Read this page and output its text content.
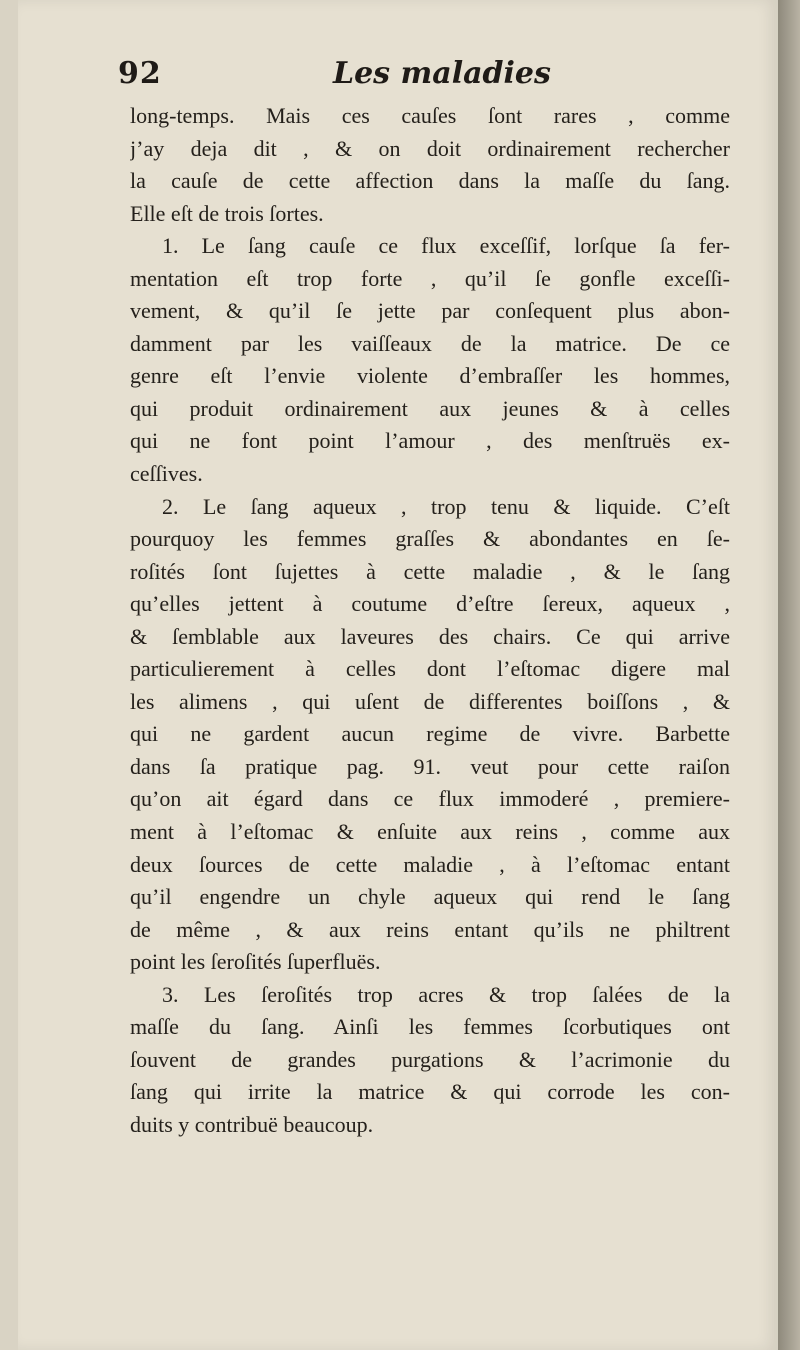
92	Les maladies
long-temps. Mais ces cauſes ſont rares , comme
j’ay deja dit , & on doit ordinairement rechercher
la cauſe de cette affection dans la maſſe du ſang.
Elle eſt de trois ſortes.
1. Le ſang cauſe ce flux exceſſif, lorſque ſa fer-
mentation eſt trop forte , qu’il ſe gonfle exceſſi-
vement, & qu’il ſe jette par conſequent plus abon-
damment par les vaiſſeaux de la matrice. De ce
genre eſt l’envie violente d’embraſſer les hommes,
qui produit ordinairement aux jeunes & à celles
qui ne font point l’amour , des menſtruës ex-
ceſſives.
2. Le ſang aqueux , trop tenu & liquide. C’eſt
pourquoy les femmes graſſes & abondantes en ſe-
roſités ſont ſujettes à cette maladie , & le ſang
qu’elles jettent à coutume d’eſtre ſereux, aqueux ,
& ſemblable aux laveures des chairs. Ce qui arrive
particulierement à celles dont l’eſtomac digere mal
les alimens , qui uſent de differentes boiſſons , &
qui ne gardent aucun regime de vivre. Barbette
dans ſa pratique pag. 91. veut pour cette raiſon
qu’on ait égard dans ce flux immoderé , premiere-
ment à l’eſtomac & enſuite aux reins , comme aux
deux ſources de cette maladie , à l’eſtomac entant
qu’il engendre un chyle aqueux qui rend le ſang
de même , & aux reins entant qu’ils ne philtrent
point les ſeroſités ſuperfluës.
3. Les ſeroſités trop acres & trop ſalées de la
maſſe du ſang. Ainſi les femmes ſcorbutiques ont
ſouvent de grandes purgations & l’acrimonie du
ſang qui irrite la matrice & qui corrode les con-
duits y contribuë beaucoup.
